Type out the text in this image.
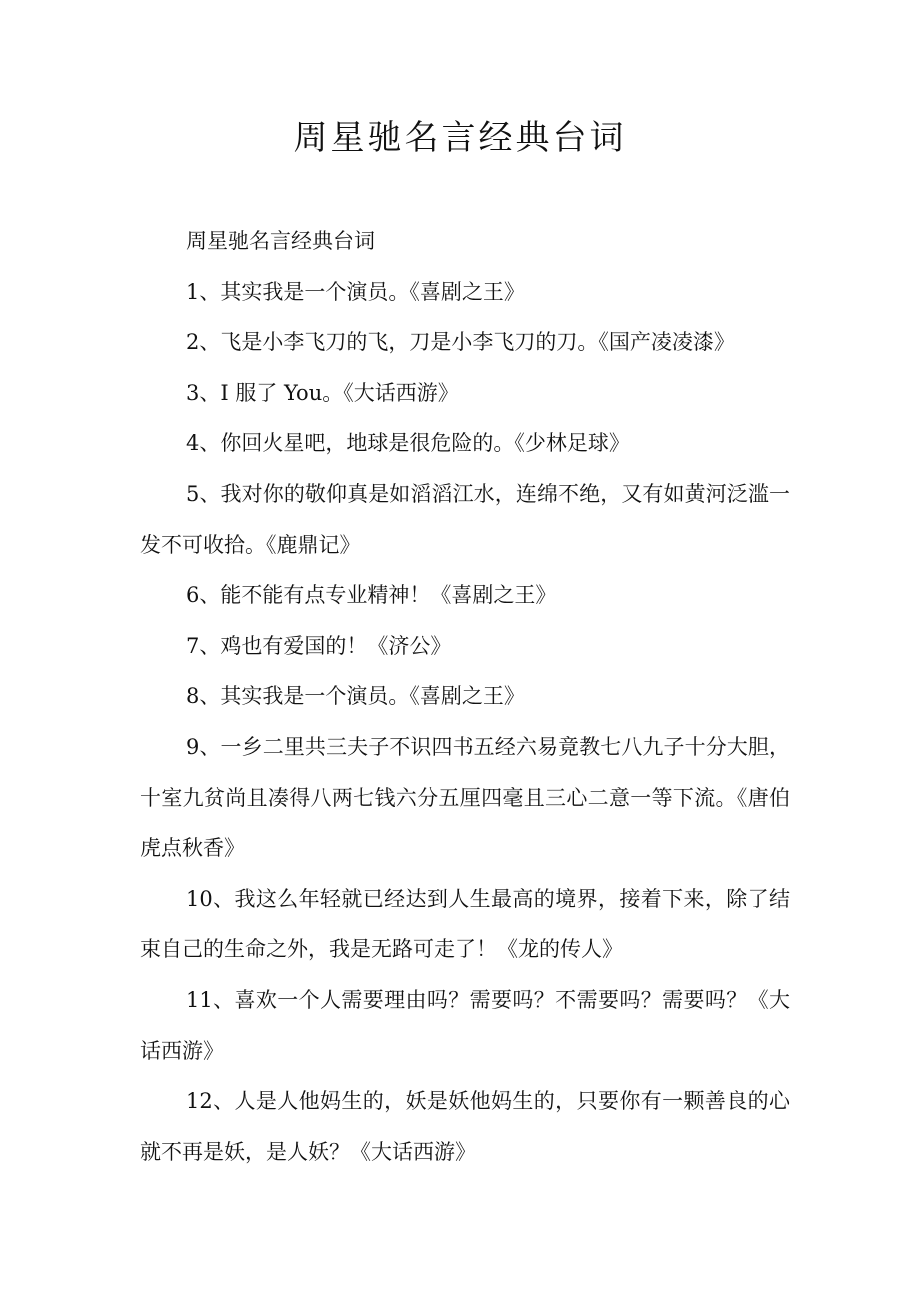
周星驰名言经典台词

周星驰名言经典台词

1、其实我是一个演员。《喜剧之王》

2、飞是小李飞刀的飞，刀是小李飞刀的刀。《国产凌凌漆》

3、I 服了 You。《大话西游》

4、你回火星吧，地球是很危险的。《少林足球》

5、我对你的敬仰真是如滔滔江水，连绵不绝，又有如黄河泛滥一发不可收拾。《鹿鼎记》

6、能不能有点专业精神！《喜剧之王》

7、鸡也有爱国的！《济公》

8、其实我是一个演员。《喜剧之王》

9、一乡二里共三夫子不识四书五经六易竟教七八九子十分大胆，十室九贫尚且凑得八两七钱六分五厘四毫且三心二意一等下流。《唐伯虎点秋香》

10、我这么年轻就已经达到人生最高的境界，接着下来，除了结束自己的生命之外，我是无路可走了！《龙的传人》

11、喜欢一个人需要理由吗？需要吗？不需要吗？需要吗？《大话西游》

12、人是人他妈生的，妖是妖他妈生的，只要你有一颗善良的心就不再是妖，是人妖？《大话西游》
